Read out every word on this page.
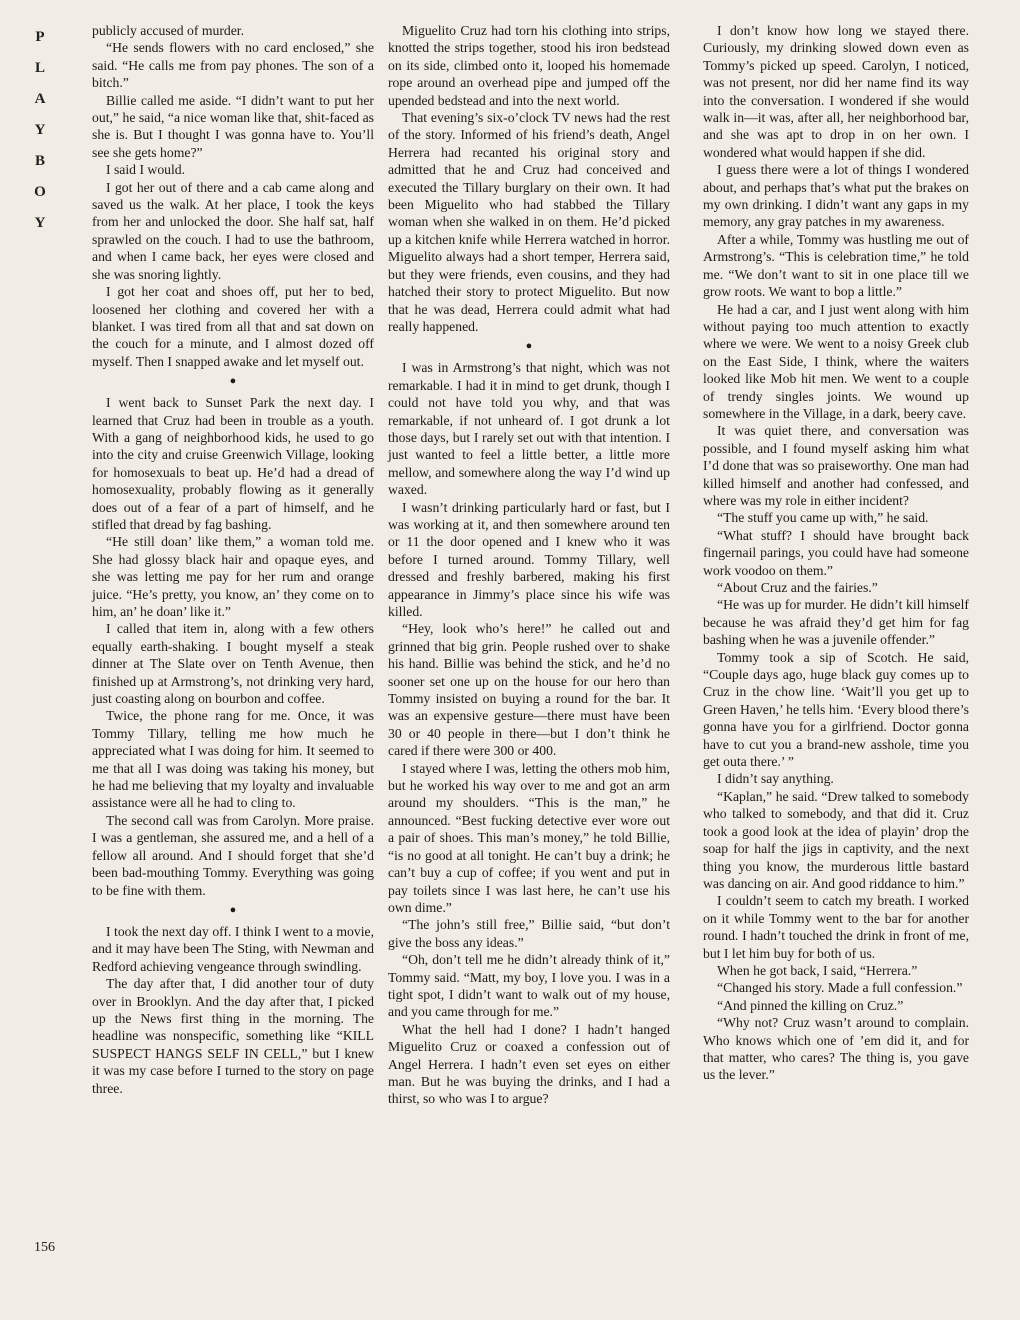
P
L
A
Y
B
O
Y

publicly accused of murder.

“He sends flowers with no card enclosed,” she said. “He calls me from pay phones. The son of a bitch.”

Billie called me aside. “I didn’t want to put her out,” he said, “a nice woman like that, shit-faced as she is. But I thought I was gonna have to. You’ll see she gets home?”

I said I would.

I got her out of there and a cab came along and saved us the walk. At her place, I took the keys from her and unlocked the door. She half sat, half sprawled on the couch. I had to use the bathroom, and when I came back, her eyes were closed and she was snoring lightly.

I got her coat and shoes off, put her to bed, loosened her clothing and covered her with a blanket. I was tired from all that and sat down on the couch for a minute, and I almost dozed off myself. Then I snapped awake and let myself out.

●

I went back to Sunset Park the next day. I learned that Cruz had been in trouble as a youth. With a gang of neighborhood kids, he used to go into the city and cruise Greenwich Village, looking for homosexuals to beat up. He’d had a dread of homosexuality, probably flowing as it generally does out of a fear of a part of himself, and he stifled that dread by fag bashing.

“He still doan’ like them,” a woman told me. She had glossy black hair and opaque eyes, and she was letting me pay for her rum and orange juice. “He’s pretty, you know, an’ they come on to him, an’ he doan’ like it.”

I called that item in, along with a few others equally earth-shaking. I bought myself a steak dinner at The Slate over on Tenth Avenue, then finished up at Armstrong’s, not drinking very hard, just coasting along on bourbon and coffee.

Twice, the phone rang for me. Once, it was Tommy Tillary, telling me how much he appreciated what I was doing for him. It seemed to me that all I was doing was taking his money, but he had me believing that my loyalty and invaluable assistance were all he had to cling to.

The second call was from Carolyn. More praise. I was a gentleman, she assured me, and a hell of a fellow all around. And I should forget that she’d been bad-mouthing Tommy. Everything was going to be fine with them.

●

I took the next day off. I think I went to a movie, and it may have been The Sting, with Newman and Redford achieving vengeance through swindling.

The day after that, I did another tour of duty over in Brooklyn. And the day after that, I picked up the News first thing in the morning. The headline was nonspecific, something like “KILL SUSPECT HANGS SELF IN CELL,” but I knew it was my case before I turned to the story on page three.

Miguelito Cruz had torn his clothing into strips, knotted the strips together, stood his iron bedstead on its side, climbed onto it, looped his homemade rope around an overhead pipe and jumped off the upended bedstead and into the next world.

That evening’s six-o’clock TV news had the rest of the story. Informed of his friend’s death, Angel Herrera had recanted his original story and admitted that he and Cruz had conceived and executed the Tillary burglary on their own. It had been Miguelito who had stabbed the Tillary woman when she walked in on them. He’d picked up a kitchen knife while Herrera watched in horror. Miguelito always had a short temper, Herrera said, but they were friends, even cousins, and they had hatched their story to protect Miguelito. But now that he was dead, Herrera could admit what had really happened.

●

I was in Armstrong’s that night, which was not remarkable. I had it in mind to get drunk, though I could not have told you why, and that was remarkable, if not unheard of. I got drunk a lot those days, but I rarely set out with that intention. I just wanted to feel a little better, a little more mellow, and somewhere along the way I’d wind up waxed.

I wasn’t drinking particularly hard or fast, but I was working at it, and then somewhere around ten or 11 the door opened and I knew who it was before I turned around. Tommy Tillary, well dressed and freshly barbered, making his first appearance in Jimmy’s place since his wife was killed.

“Hey, look who’s here!” he called out and grinned that big grin. People rushed over to shake his hand. Billie was behind the stick, and he’d no sooner set one up on the house for our hero than Tommy insisted on buying a round for the bar. It was an expensive gesture—there must have been 30 or 40 people in there—but I don’t think he cared if there were 300 or 400.

I stayed where I was, letting the others mob him, but he worked his way over to me and got an arm around my shoulders. “This is the man,” he announced. “Best fucking detective ever wore out a pair of shoes. This man’s money,” he told Billie, “is no good at all tonight. He can’t buy a drink; he can’t buy a cup of coffee; if you went and put in pay toilets since I was last here, he can’t use his own dime.”

“The john’s still free,” Billie said, “but don’t give the boss any ideas.”

“Oh, don’t tell me he didn’t already think of it,” Tommy said. “Matt, my boy, I love you. I was in a tight spot, I didn’t want to walk out of my house, and you came through for me.”

What the hell had I done? I hadn’t hanged Miguelito Cruz or coaxed a confession out of Angel Herrera. I hadn’t even set eyes on either man. But he was buying the drinks, and I had a thirst, so who was I to argue?

I don’t know how long we stayed there. Curiously, my drinking slowed down even as Tommy’s picked up speed. Carolyn, I noticed, was not present, nor did her name find its way into the conversation. I wondered if she would walk in—it was, after all, her neighborhood bar, and she was apt to drop in on her own. I wondered what would happen if she did.

I guess there were a lot of things I wondered about, and perhaps that’s what put the brakes on my own drinking. I didn’t want any gaps in my memory, any gray patches in my awareness.

After a while, Tommy was hustling me out of Armstrong’s. “This is celebration time,” he told me. “We don’t want to sit in one place till we grow roots. We want to bop a little.”

He had a car, and I just went along with him without paying too much attention to exactly where we were. We went to a noisy Greek club on the East Side, I think, where the waiters looked like Mob hit men. We went to a couple of trendy singles joints. We wound up somewhere in the Village, in a dark, beery cave.

It was quiet there, and conversation was possible, and I found myself asking him what I’d done that was so praiseworthy. One man had killed himself and another had confessed, and where was my role in either incident?

“The stuff you came up with,” he said.

“What stuff? I should have brought back fingernail parings, you could have had someone work voodoo on them.”

“About Cruz and the fairies.”

“He was up for murder. He didn’t kill himself because he was afraid they’d get him for fag bashing when he was a juvenile offender.”

Tommy took a sip of Scotch. He said, “Couple days ago, huge black guy comes up to Cruz in the chow line. ‘Wait’ll you get up to Green Haven,’ he tells him. ‘Every blood there’s gonna have you for a girlfriend. Doctor gonna have to cut you a brand-new asshole, time you get outa there.’ ”

I didn’t say anything.

“Kaplan,” he said. “Drew talked to somebody who talked to somebody, and that did it. Cruz took a good look at the idea of playin’ drop the soap for half the jigs in captivity, and the next thing you know, the murderous little bastard was dancing on air. And good riddance to him.”

I couldn’t seem to catch my breath. I worked on it while Tommy went to the bar for another round. I hadn’t touched the drink in front of me, but I let him buy for both of us.

When he got back, I said, “Herrera.”

“Changed his story. Made a full confession.”

“And pinned the killing on Cruz.”

“Why not? Cruz wasn’t around to complain. Who knows which one of ’em did it, and for that matter, who cares? The thing is, you gave us the lever.”

156
